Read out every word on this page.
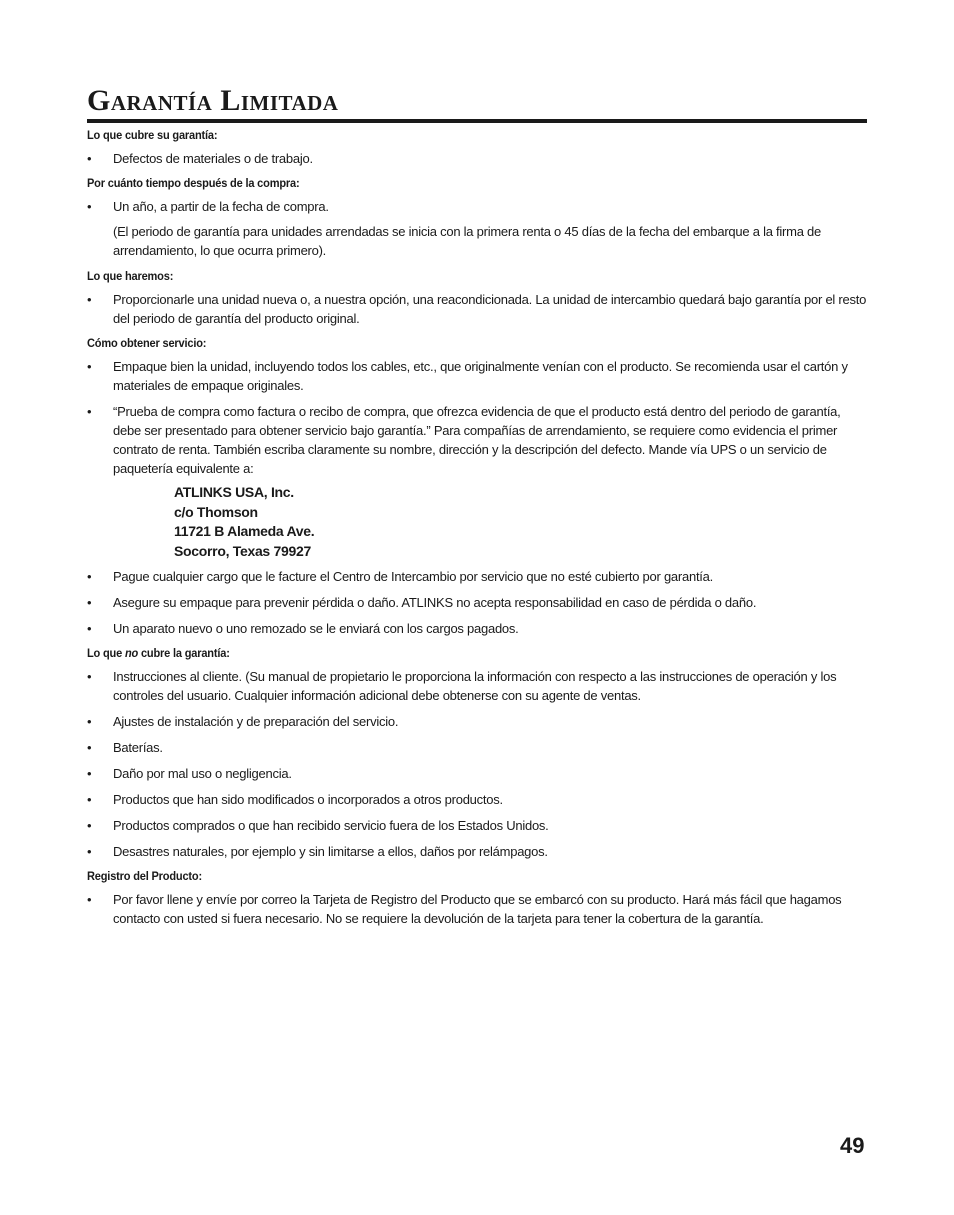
Garantía Limitada
Lo que cubre su garantía:
• Defectos de materiales o de trabajo.
Por cuánto tiempo después de la compra:
• Un año, a partir de la fecha de compra.
(El periodo de garantía para unidades arrendadas se inicia con la primera renta o 45 días de la fecha del embarque a la firma de arrendamiento, lo que ocurra primero).
Lo que haremos:
• Proporcionarle una unidad nueva o, a nuestra opción, una reacondicionada. La unidad de intercambio quedará bajo garantía por el resto del periodo de garantía del producto original.
Cómo obtener servicio:
• Empaque bien la unidad, incluyendo todos los cables, etc., que originalmente venían con el producto. Se recomienda usar el cartón y materiales de empaque originales.
• “Prueba de compra como factura o recibo de compra, que ofrezca evidencia de que el producto está dentro del periodo de garantía, debe ser presentado para obtener servicio bajo garantía.” Para compañías de arrendamiento, se requiere como evidencia el primer contrato de renta. También escriba claramente su nombre, dirección y la descripción del defecto. Mande vía UPS o un servicio de paquetería equivalente a:
ATLINKS USA, Inc.
c/o Thomson
11721 B Alameda Ave.
Socorro, Texas 79927
• Pague cualquier cargo que le facture el Centro de Intercambio por servicio que no esté cubierto por garantía.
• Asegure su empaque para prevenir pérdida o daño. ATLINKS no acepta responsabilidad en caso de pérdida o daño.
• Un aparato nuevo o uno remozado se le enviará con los cargos pagados.
Lo que no cubre la garantía:
• Instrucciones al cliente. (Su manual de propietario le proporciona la información con respecto a las instrucciones de operación y los controles del usuario. Cualquier información adicional debe obtenerse con su agente de ventas.
• Ajustes de instalación y de preparación del servicio.
• Baterías.
• Daño por mal uso o negligencia.
• Productos que han sido modificados o incorporados a otros productos.
• Productos comprados o que han recibido servicio fuera de los Estados Unidos.
• Desastres naturales, por ejemplo y sin limitarse a ellos, daños por relámpagos.
Registro del Producto:
• Por favor llene y envíe por correo la Tarjeta de Registro del Producto que se embarcó con su producto. Hará más fácil que hagamos contacto con usted si fuera necesario. No se requiere la devolución de la tarjeta para tener la cobertura de la garantía.
49
